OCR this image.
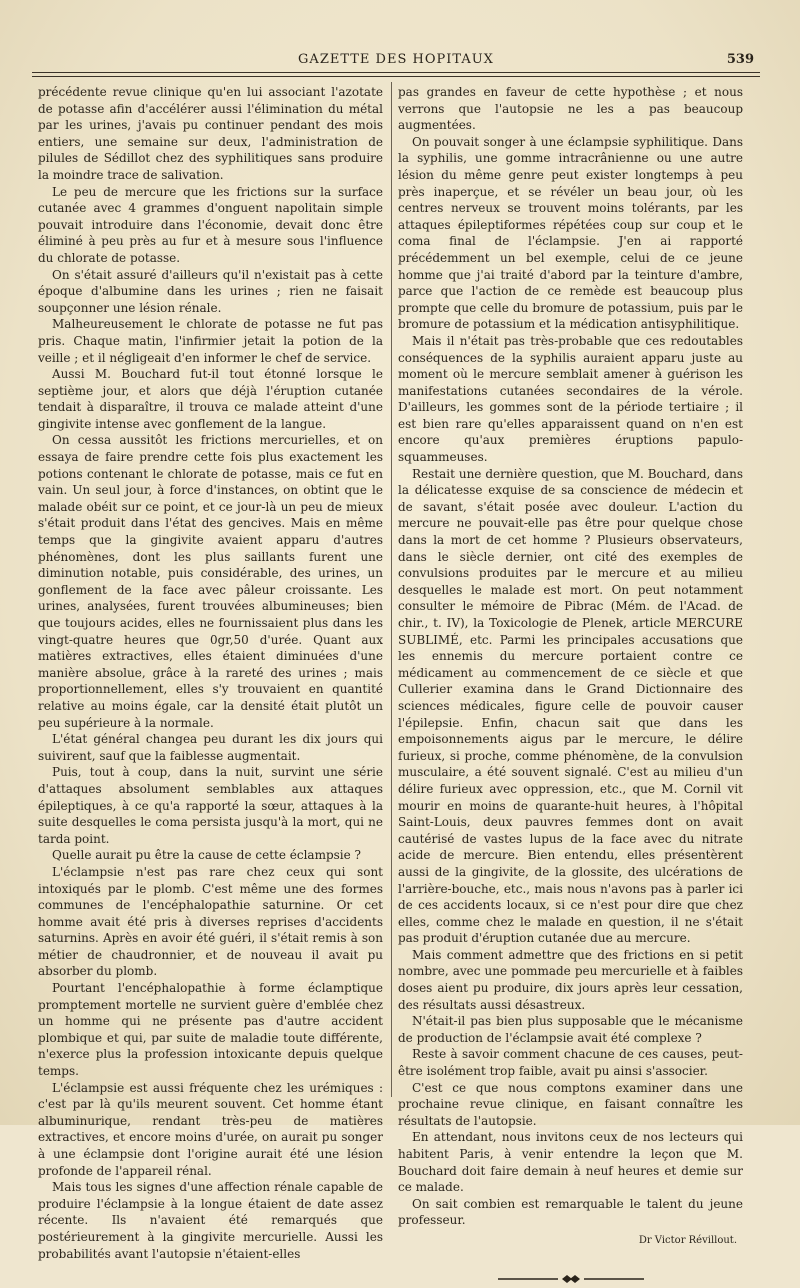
GAZETTE DES HOPITAUX	539

précédente revue clinique qu'en lui associant l'azotate de potasse afin d'accélérer aussi l'élimination du métal par les urines, j'avais pu continuer pendant des mois entiers, une semaine sur deux, l'administration de pilules de Sédillot chez des syphilitiques sans produire la moindre trace de salivation.

Le peu de mercure que les frictions sur la surface cutanée avec 4 grammes d'onguent napolitain simple pouvait introduire dans l'économie, devait donc être éliminé à peu près au fur et à mesure sous l'influence du chlorate de potasse.

On s'était assuré d'ailleurs qu'il n'existait pas à cette époque d'albumine dans les urines ; rien ne faisait soupçonner une lésion rénale.

Malheureusement le chlorate de potasse ne fut pas pris. Chaque matin, l'infirmier jetait la potion de la veille ; et il négligeait d'en informer le chef de service.

Aussi M. Bouchard fut-il tout étonné lorsque le septième jour, et alors que déjà l'éruption cutanée tendait à disparaître, il trouva ce malade atteint d'une gingivite intense avec gonflement de la langue.

On cessa aussitôt les frictions mercurielles, et on essaya de faire prendre cette fois plus exactement les potions contenant le chlorate de potasse, mais ce fut en vain. Un seul jour, à force d'instances, on obtint que le malade obéit sur ce point, et ce jour-là un peu de mieux s'était produit dans l'état des gencives. Mais en même temps que la gingivite avaient apparu d'autres phénomènes, dont les plus saillants furent une diminution notable, puis considérable, des urines, un gonflement de la face avec pâleur croissante. Les urines, analysées, furent trouvées albumineuses; bien que toujours acides, elles ne fournissaient plus dans les vingt-quatre heures que 0gr,50 d'urée. Quant aux matières extractives, elles étaient diminuées d'une manière absolue, grâce à la rareté des urines ; mais proportionnellement, elles s'y trouvaient en quantité relative au moins égale, car la densité était plutôt un peu supérieure à la normale.

L'état général changea peu durant les dix jours qui suivirent, sauf que la faiblesse augmentait.

Puis, tout à coup, dans la nuit, survint une série d'attaques absolument semblables aux attaques épileptiques, à ce qu'a rapporté la sœur, attaques à la suite desquelles le coma persista jusqu'à la mort, qui ne tarda point.

Quelle aurait pu être la cause de cette éclampsie ?

L'éclampsie n'est pas rare chez ceux qui sont intoxiqués par le plomb. C'est même une des formes communes de l'encéphalopathie saturnine. Or cet homme avait été pris à diverses reprises d'accidents saturnins. Après en avoir été guéri, il s'était remis à son métier de chaudronnier, et de nouveau il avait pu absorber du plomb.

Pourtant l'encéphalopathie à forme éclamptique promptement mortelle ne survient guère d'emblée chez un homme qui ne présente pas d'autre accident plombique et qui, par suite de maladie toute différente, n'exerce plus la profession intoxicante depuis quelque temps.

L'éclampsie est aussi fréquente chez les urémiques : c'est par là qu'ils meurent souvent. Cet homme étant albuminurique, rendant très-peu de matières extractives, et encore moins d'urée, on aurait pu songer à une éclampsie dont l'origine aurait été une lésion profonde de l'appareil rénal.

Mais tous les signes d'une affection rénale capable de produire l'éclampsie à la longue étaient de date assez récente. Ils n'avaient été remarqués que postérieurement à la gingivite mercurielle. Aussi les probabilités avant l'autopsie n'étaient-elles

pas grandes en faveur de cette hypothèse ; et nous verrons que l'autopsie ne les a pas beaucoup augmentées.

On pouvait songer à une éclampsie syphilitique. Dans la syphilis, une gomme intracrânienne ou une autre lésion du même genre peut exister longtemps à peu près inaperçue, et se révéler un beau jour, où les centres nerveux se trouvent moins tolérants, par les attaques épileptiformes répétées coup sur coup et le coma final de l'éclampsie. J'en ai rapporté précédemment un bel exemple, celui de ce jeune homme que j'ai traité d'abord par la teinture d'ambre, parce que l'action de ce remède est beaucoup plus prompte que celle du bromure de potassium, puis par le bromure de potassium et la médication antisyphilitique.

Mais il n'était pas très-probable que ces redoutables conséquences de la syphilis auraient apparu juste au moment où le mercure semblait amener à guérison les manifestations cutanées secondaires de la vérole. D'ailleurs, les gommes sont de la période tertiaire ; il est bien rare qu'elles apparaissent quand on n'en est encore qu'aux premières éruptions papulo-squammeuses.

Restait une dernière question, que M. Bouchard, dans la délicatesse exquise de sa conscience de médecin et de savant, s'était posée avec douleur. L'action du mercure ne pouvait-elle pas être pour quelque chose dans la mort de cet homme ? Plusieurs observateurs, dans le siècle dernier, ont cité des exemples de convulsions produites par le mercure et au milieu desquelles le malade est mort. On peut notamment consulter le mémoire de Pibrac (Mém. de l'Acad. de chir., t. IV), la Toxicologie de Plenek, article MERCURE SUBLIMÉ, etc. Parmi les principales accusations que les ennemis du mercure portaient contre ce médicament au commencement de ce siècle et que Cullerier examina dans le Grand Dictionnaire des sciences médicales, figure celle de pouvoir causer l'épilepsie. Enfin, chacun sait que dans les empoisonnements aigus par le mercure, le délire furieux, si proche, comme phénomène, de la convulsion musculaire, a été souvent signalé. C'est au milieu d'un délire furieux avec oppression, etc., que M. Cornil vit mourir en moins de quarante-huit heures, à l'hôpital Saint-Louis, deux pauvres femmes dont on avait cautérisé de vastes lupus de la face avec du nitrate acide de mercure. Bien entendu, elles présentèrent aussi de la gingivite, de la glossite, des ulcérations de l'arrière-bouche, etc., mais nous n'avons pas à parler ici de ces accidents locaux, si ce n'est pour dire que chez elles, comme chez le malade en question, il ne s'était pas produit d'éruption cutanée due au mercure.

Mais comment admettre que des frictions en si petit nombre, avec une pommade peu mercurielle et à faibles doses aient pu produire, dix jours après leur cessation, des résultats aussi désastreux.

N'était-il pas bien plus supposable que le mécanisme de production de l'éclampsie avait été complexe ?

Reste à savoir comment chacune de ces causes, peut-être isolément trop faible, avait pu ainsi s'associer.

C'est ce que nous comptons examiner dans une prochaine revue clinique, en faisant connaître les résultats de l'autopsie.

En attendant, nous invitons ceux de nos lecteurs qui habitent Paris, à venir entendre la leçon que M. Bouchard doit faire demain à neuf heures et demie sur ce malade.

On sait combien est remarquable le talent du jeune professeur.

Dr Victor Révillout.
